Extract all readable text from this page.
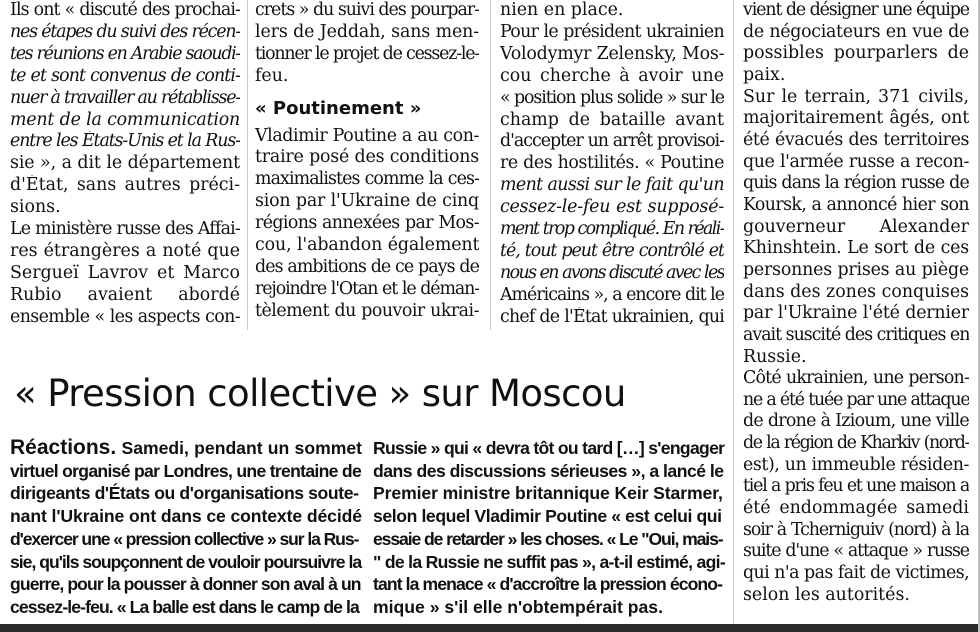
Ils ont « discuté des prochai-
nes étapes du suivi des récen-
tes réunions en Arabie saoudi-
te et sont convenus de conti-
nuer à travailler au rétablisse-
ment de la communication
entre les États-Unis et la Rus-
sie », a dit le département
d'État, sans autres préci-
sions.
Le ministère russe des Affai-
res étrangères a noté que
Sergueï Lavrov et Marco
Rubio avaient abordé
ensemble « les aspects con-
crets » du suivi des pourpar-
lers de Jeddah, sans men-
tionner le projet de cessez-le-
feu.
« Poutinement »
Vladimir Poutine a au con-
traire posé des conditions
maximalistes comme la ces-
sion par l'Ukraine de cinq
régions annexées par Mos-
cou, l'abandon également
des ambitions de ce pays de
rejoindre l'Otan et le déman-
tèlement du pouvoir ukrai-
nien en place.
Pour le président ukrainien
Volodymyr Zelensky, Mos-
cou cherche à avoir une
« position plus solide » sur le
champ de bataille avant
d'accepter un arrêt provisoi-
re des hostilités. « Poutine
ment aussi sur le fait qu'un
cessez-le-feu est supposé-
ment trop compliqué. En réali-
té, tout peut être contrôlé et
nous en avons discuté avec les
Américains », a encore dit le
chef de l'État ukrainien, qui
vient de désigner une équipe
de négociateurs en vue de
possibles pourparlers de
paix.
Sur le terrain, 371 civils,
majoritairement âgés, ont
été évacués des territoires
que l'armée russe a recon-
quis dans la région russe de
Koursk, a annoncé hier son
gouverneur Alexander
Khinshtein. Le sort de ces
personnes prises au piège
dans des zones conquises
par l'Ukraine l'été dernier
avait suscité des critiques en
Russie.
Côté ukrainien, une person-
ne a été tuée par une attaque
de drone à Izioum, une ville
de la région de Kharkiv (nord-
est), un immeuble résiden-
tiel a pris feu et une maison a
été endommagée samedi
soir à Tcherniguiv (nord) à la
suite d'une « attaque » russe
qui n'a pas fait de victimes,
selon les autorités.
« Pression collective » sur Moscou
Réactions. Samedi, pendant un sommet
virtuel organisé par Londres, une trentaine de
dirigeants d'États ou d'organisations soute-
nant l'Ukraine ont dans ce contexte décidé
d'exercer une « pression collective » sur la Rus-
sie, qu'ils soupçonnent de vouloir poursuivre la
guerre, pour la pousser à donner son aval à un
cessez-le-feu. « La balle est dans le camp de la
Russie » qui « devra tôt ou tard […] s'engager
dans des discussions sérieuses », a lancé le
Premier ministre britannique Keir Starmer,
selon lequel Vladimir Poutine « est celui qui
essaie de retarder » les choses. « Le "Oui, mais-
" de la Russie ne suffit pas », a-t-il estimé, agi-
tant la menace « d'accroître la pression écono-
mique » s'il elle n'obtempérait pas.
